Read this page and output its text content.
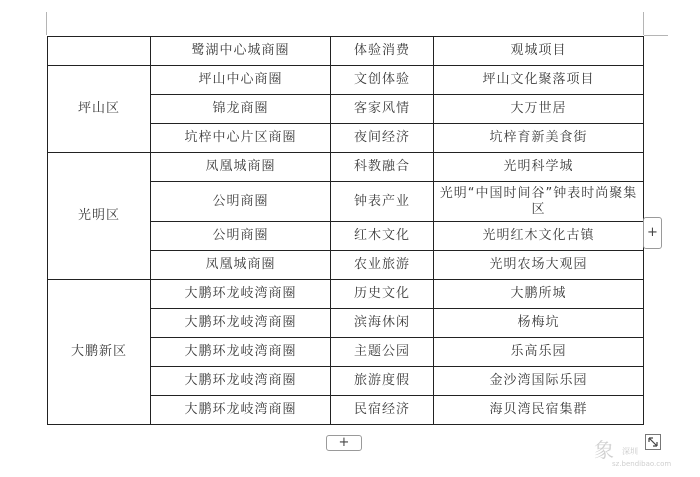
	鹭湖中心城商圈	体验消费	观城项目
坪山区	坪山中心商圈	文创体验	坪山文化聚落项目
	锦龙商圈	客家风情	大万世居
	坑梓中心片区商圈	夜间经济	坑梓育新美食街
光明区	凤凰城商圈	科教融合	光明科学城
	公明商圈	钟表产业	光明“中国时间谷”钟表时尚聚集区
	公明商圈	红木文化	光明红木文化古镇
	凤凰城商圈	农业旅游	光明农场大观园
大鹏新区	大鹏环龙岐湾商圈	历史文化	大鹏所城
	大鹏环龙岐湾商圈	滨海休闲	杨梅坑
	大鹏环龙岐湾商圈	主题公园	乐高乐园
	大鹏环龙岐湾商圈	旅游度假	金沙湾国际乐园
	大鹏环龙岐湾商圈	民宿经济	海贝湾民宿集群
+
+	象 深圳
sz.bendibao.com
